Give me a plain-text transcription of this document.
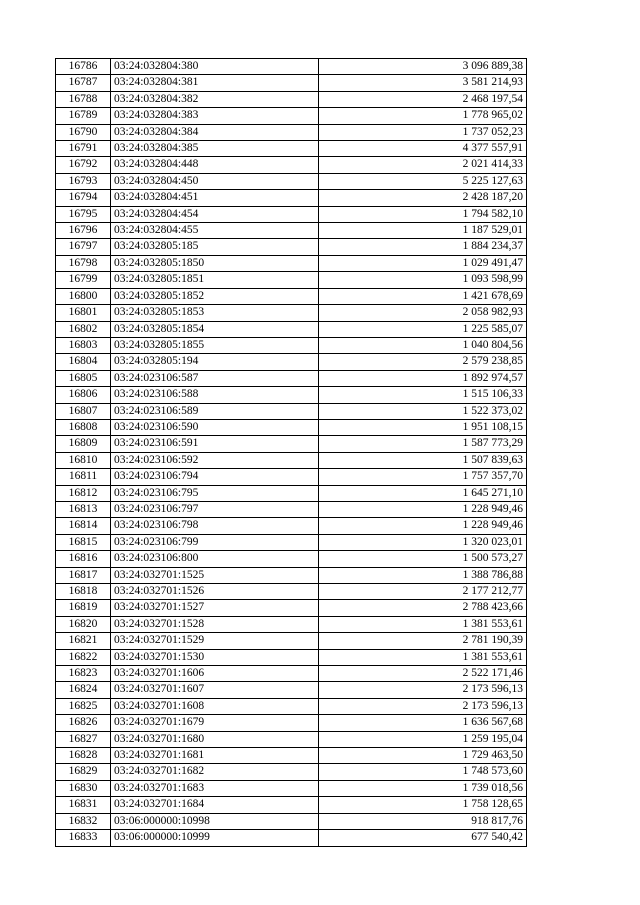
16786	03:24:032804:380	3 096 889,38
16787	03:24:032804:381	3 581 214,93
16788	03:24:032804:382	2 468 197,54
16789	03:24:032804:383	1 778 965,02
16790	03:24:032804:384	1 737 052,23
16791	03:24:032804:385	4 377 557,91
16792	03:24:032804:448	2 021 414,33
16793	03:24:032804:450	5 225 127,63
16794	03:24:032804:451	2 428 187,20
16795	03:24:032804:454	1 794 582,10
16796	03:24:032804:455	1 187 529,01
16797	03:24:032805:185	1 884 234,37
16798	03:24:032805:1850	1 029 491,47
16799	03:24:032805:1851	1 093 598,99
16800	03:24:032805:1852	1 421 678,69
16801	03:24:032805:1853	2 058 982,93
16802	03:24:032805:1854	1 225 585,07
16803	03:24:032805:1855	1 040 804,56
16804	03:24:032805:194	2 579 238,85
16805	03:24:023106:587	1 892 974,57
16806	03:24:023106:588	1 515 106,33
16807	03:24:023106:589	1 522 373,02
16808	03:24:023106:590	1 951 108,15
16809	03:24:023106:591	1 587 773,29
16810	03:24:023106:592	1 507 839,63
16811	03:24:023106:794	1 757 357,70
16812	03:24:023106:795	1 645 271,10
16813	03:24:023106:797	1 228 949,46
16814	03:24:023106:798	1 228 949,46
16815	03:24:023106:799	1 320 023,01
16816	03:24:023106:800	1 500 573,27
16817	03:24:032701:1525	1 388 786,88
16818	03:24:032701:1526	2 177 212,77
16819	03:24:032701:1527	2 788 423,66
16820	03:24:032701:1528	1 381 553,61
16821	03:24:032701:1529	2 781 190,39
16822	03:24:032701:1530	1 381 553,61
16823	03:24:032701:1606	2 522 171,46
16824	03:24:032701:1607	2 173 596,13
16825	03:24:032701:1608	2 173 596,13
16826	03:24:032701:1679	1 636 567,68
16827	03:24:032701:1680	1 259 195,04
16828	03:24:032701:1681	1 729 463,50
16829	03:24:032701:1682	1 748 573,60
16830	03:24:032701:1683	1 739 018,56
16831	03:24:032701:1684	1 758 128,65
16832	03:06:000000:10998	918 817,76
16833	03:06:000000:10999	677 540,42
